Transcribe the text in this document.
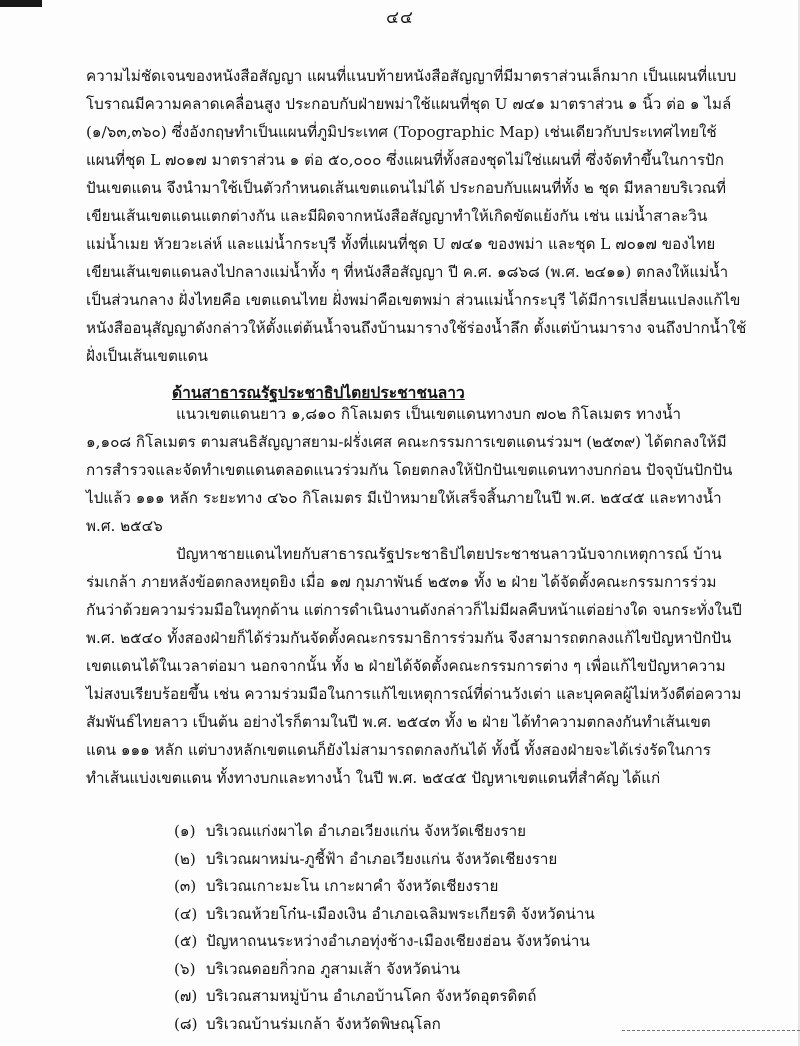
๔๔
ความไม่ชัดเจนของหนังสือสัญญา แผนที่แนบท้ายหนังสือสัญญาที่มีมาตราส่วนเล็กมาก เป็นแผนที่แบบ
โบราณมีความคลาดเคลื่อนสูง ประกอบกับฝ่ายพม่าใช้แผนที่ชุด U ๗๔๑ มาตราส่วน ๑ นิ้ว ต่อ ๑ ไมล์
(๑/๖๓,๓๖๐) ซึ่งอังกฤษทำเป็นแผนที่ภูมิประเทศ (Topographic Map) เช่นเดียวกับประเทศไทยใช้
แผนที่ชุด L ๗๐๑๗ มาตราส่วน ๑ ต่อ ๕๐,๐๐๐ ซึ่งแผนที่ทั้งสองชุดไม่ใช่แผนที่ ซึ่งจัดทำขึ้นในการปัก
ปันเขตแดน จึงนำมาใช้เป็นตัวกำหนดเส้นเขตแดนไม่ได้ ประกอบกับแผนที่ทั้ง ๒ ชุด มีหลายบริเวณที่
เขียนเส้นเขตแดนแตกต่างกัน และมีผิดจากหนังสือสัญญาทำให้เกิดขัดแย้งกัน เช่น แม่น้ำสาละวิน
แม่น้ำเมย หัวยวะเล่ห์ และแม่น้ำกระบุรี ทั้งที่แผนที่ชุด U ๗๔๑ ของพม่า และชุด L ๗๐๑๗ ของไทย
เขียนเส้นเขตแดนลงไปกลางแม่น้ำทั้ง ๆ ที่หนังสือสัญญา ปี ค.ศ. ๑๘๖๘ (พ.ศ. ๒๔๑๑) ตกลงให้แม่น้ำ
เป็นส่วนกลาง ฝั่งไทยคือ เขตแดนไทย ฝั่งพม่าคือเขตพม่า ส่วนแม่น้ำกระบุรี ได้มีการเปลี่ยนแปลงแก้ไข
หนังสืออนุสัญญาดังกล่าวให้ตั้งแต่ต้นน้ำจนถึงบ้านมารางใช้ร่องน้ำลึก ตั้งแต่บ้านมาราง จนถึงปากน้ำใช้
ฝั่งเป็นเส้นเขตแดน
ด้านสาธารณรัฐประชาธิปไตยประชาชนลาว
แนวเขตแดนยาว ๑,๘๑๐ กิโลเมตร เป็นเขตแดนทางบก ๗๐๒ กิโลเมตร ทางน้ำ
๑,๑๐๘ กิโลเมตร ตามสนธิสัญญาสยาม-ฝรั่งเศส คณะกรรมการเขตแดนร่วมฯ (๒๕๓๙) ได้ตกลงให้มี
การสำรวจและจัดทำเขตแดนตลอดแนวร่วมกัน โดยตกลงให้ปักปันเขตแดนทางบกก่อน ปัจจุบันปักปัน
ไปแล้ว ๑๑๑ หลัก ระยะทาง ๔๖๐ กิโลเมตร มีเป้าหมายให้เสร็จสิ้นภายในปี พ.ศ. ๒๕๔๕ และทางน้ำ
พ.ศ. ๒๕๔๖
ปัญหาชายแดนไทยกับสาธารณรัฐประชาธิปไตยประชาชนลาวนับจากเหตุการณ์ บ้าน
ร่มเกล้า ภายหลังข้อตกลงหยุดยิง เมื่อ ๑๗ กุมภาพันธ์ ๒๕๓๑ ทั้ง ๒ ฝ่าย ได้จัดตั้งคณะกรรมการร่วม
กันว่าด้วยความร่วมมือในทุกด้าน แต่การดำเนินงานดังกล่าวก็ไม่มีผลคืบหน้าแต่อย่างใด จนกระทั่งในปี
พ.ศ. ๒๕๔๐ ทั้งสองฝ่ายก็ได้ร่วมกันจัดตั้งคณะกรรมาธิการร่วมกัน จึงสามารถตกลงแก้ไขปัญหาปักปัน
เขตแดนได้ในเวลาต่อมา นอกจากนั้น ทั้ง ๒ ฝ่ายได้จัดตั้งคณะกรรมการต่าง ๆ เพื่อแก้ไขปัญหาความ
ไม่สงบเรียบร้อยขึ้น เช่น ความร่วมมือในการแก้ไขเหตุการณ์ที่ด่านวังเต่า และบุคคลผู้ไม่หวังดีต่อความ
สัมพันธ์ไทยลาว เป็นต้น อย่างไรก็ตามในปี พ.ศ. ๒๕๔๓ ทั้ง ๒ ฝ่าย ได้ทำความตกลงกันทำเส้นเขต
แดน ๑๑๑ หลัก แต่บางหลักเขตแดนก็ยังไม่สามารถตกลงกันได้ ทั้งนี้ ทั้งสองฝ่ายจะได้เร่งรัดในการ
ทำเส้นแบ่งเขตแดน ทั้งทางบกและทางน้ำ ในปี พ.ศ. ๒๕๔๕ ปัญหาเขตแดนที่สำคัญ ได้แก่
(๑) บริเวณแก่งผาได อำเภอเวียงแก่น จังหวัดเชียงราย
(๒) บริเวณผาหม่น-ภูชี้ฟ้า อำเภอเวียงแก่น จังหวัดเชียงราย
(๓) บริเวณเกาะมะโน เกาะผาคำ จังหวัดเชียงราย
(๔) บริเวณห้วยโก๋น-เมืองเงิน อำเภอเฉลิมพระเกียรติ จังหวัดน่าน
(๕) ปัญหาถนนระหว่างอำเภอทุ่งช้าง-เมืองเชียงฮ่อน จังหวัดน่าน
(๖) บริเวณดอยกิ่วกอ ภูสามเส้า จังหวัดน่าน
(๗) บริเวณสามหมู่บ้าน อำเภอบ้านโคก จังหวัดอุตรดิตถ์
(๘) บริเวณบ้านร่มเกล้า จังหวัดพิษณุโลก
